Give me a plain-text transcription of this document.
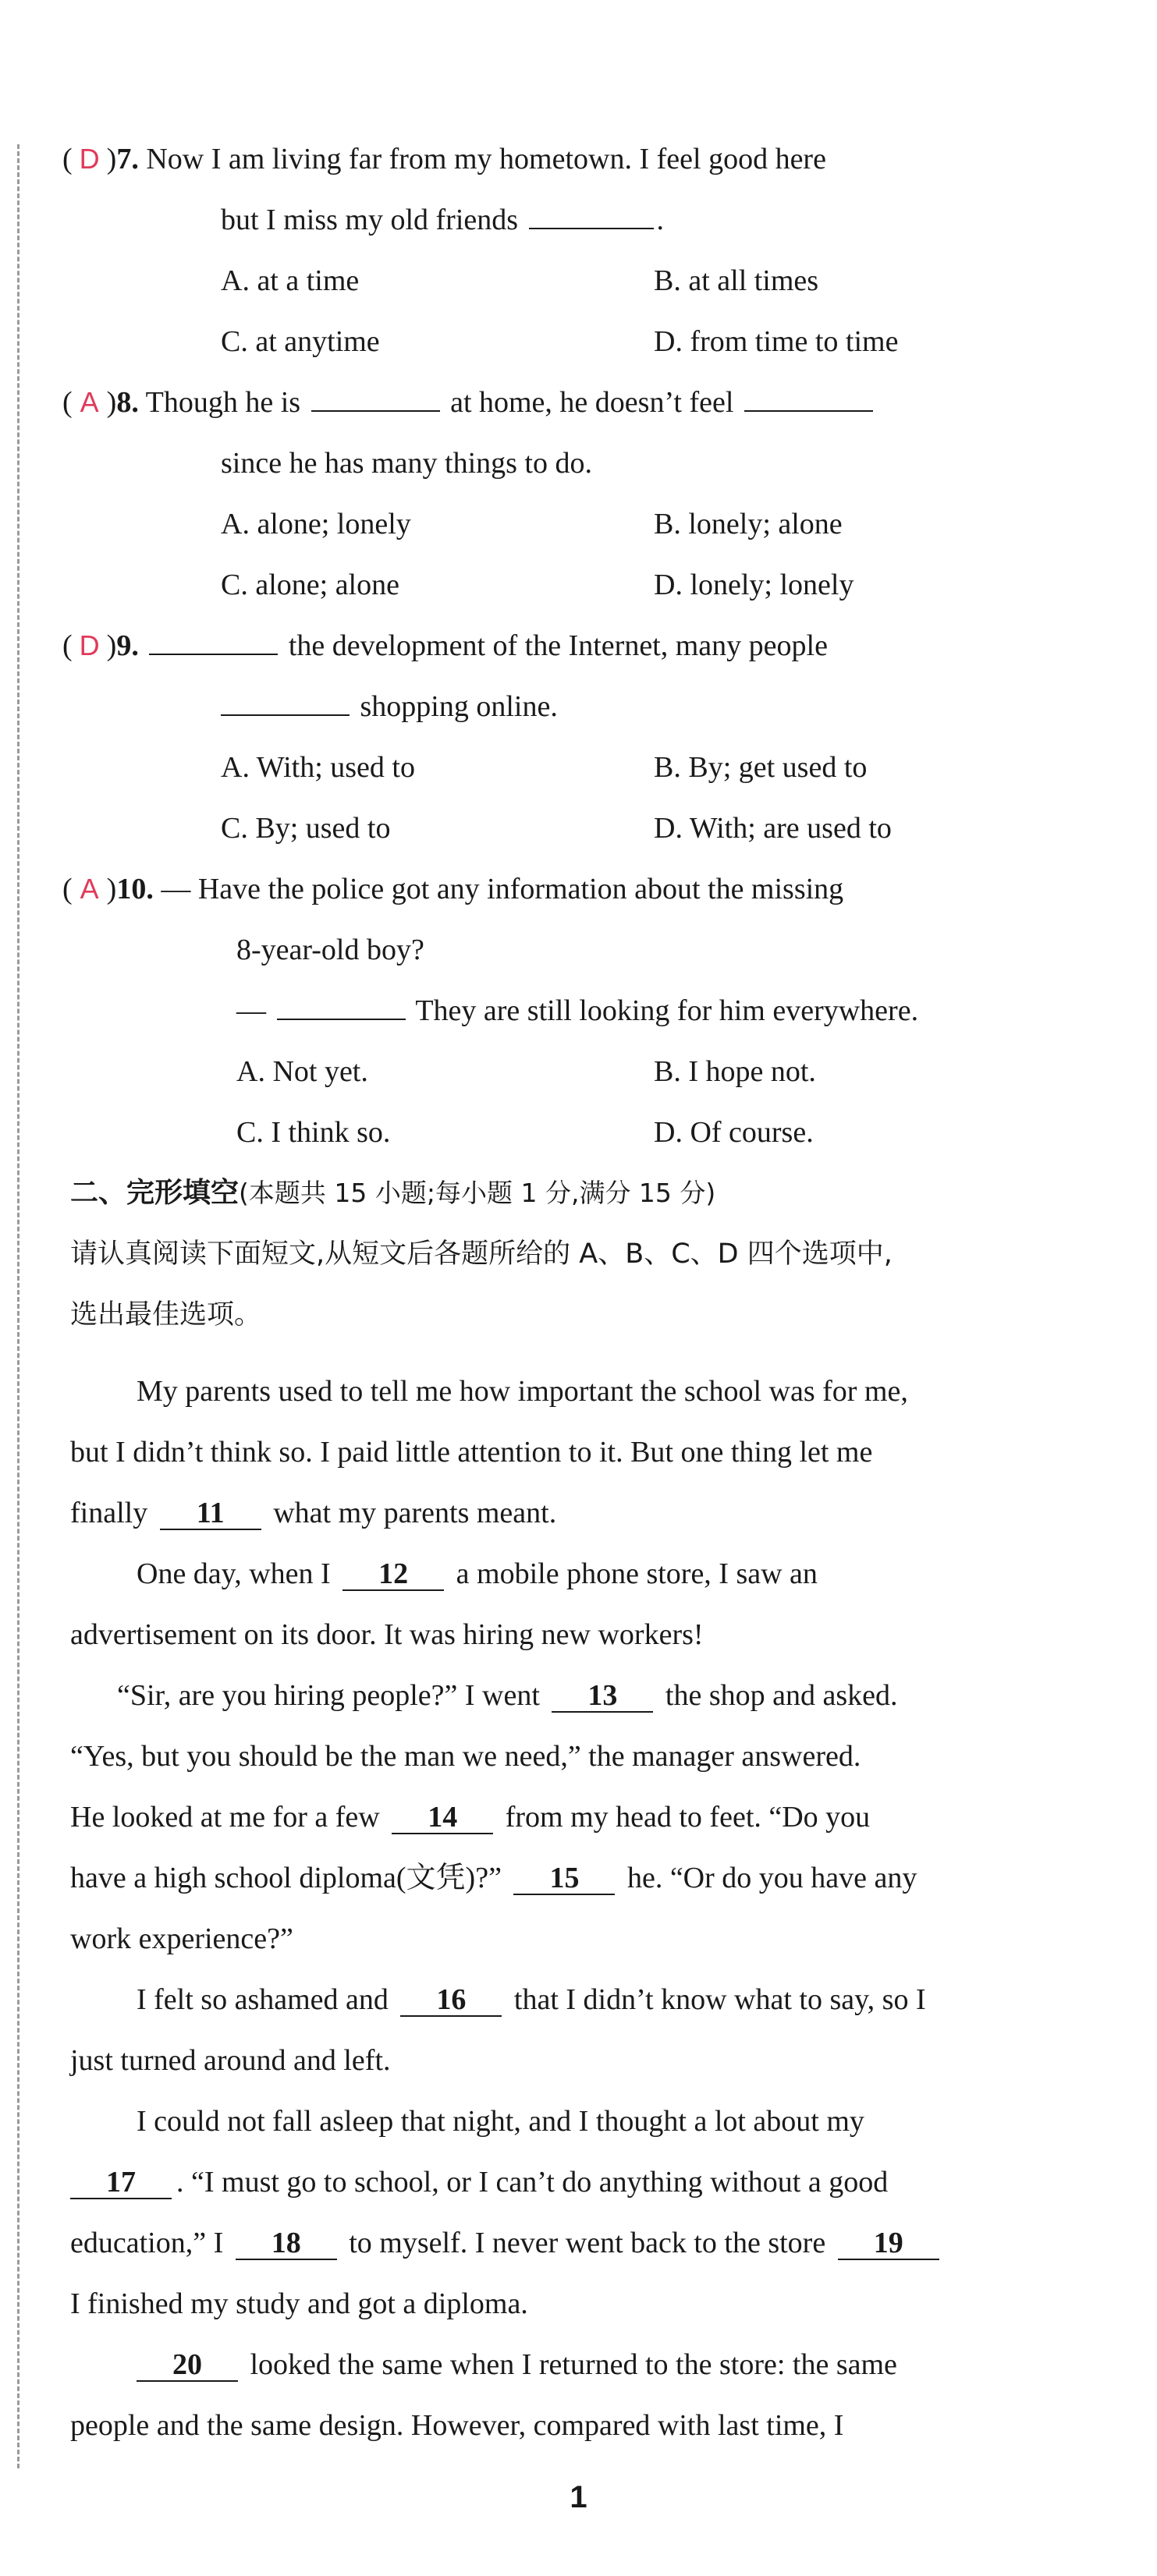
( D )7. Now I am living far from my hometown. I feel good here
but I miss my old friends	.
A. at a time	B. at all times
C. at anytime	D. from time to time
( A )8. Though he is	at home, he doesn’t feel
since he has many things to do.
A. alone; lonely	B. lonely; alone
C. alone; alone	D. lonely; lonely
( D )9.	the development of the Internet, many people
shopping online.
A. With; used to	B. By; get used to
C. By; used to	D. With; are used to
( A )10. — Have the police got any information about the missing
8-year-old boy?
—	They are still looking for him everywhere.
A. Not yet.	B. I hope not.
C. I think so.	D. Of course.
二、完形填空(本题共 15 小题;每小题 1 分,满分 15 分)
请认真阅读下面短文,从短文后各题所给的 A、B、C、D 四个选项中,
选出最佳选项。
My parents used to tell me how important the school was for me,
but I didn’t think so. I paid little attention to it. But one thing let me
finally 11 what my parents meant.
One day, when I 12 a mobile phone store, I saw an
advertisement on its door. It was hiring new workers!
“Sir, are you hiring people?” I went 13 the shop and asked.
“Yes, but you should be the man we need,” the manager answered.
He looked at me for a few 14 from my head to feet. “Do you
have a high school diploma(文凭)?” 15 he. “Or do you have any
work experience?”
I felt so ashamed and 16 that I didn’t know what to say, so I
just turned around and left.
I could not fall asleep that night, and I thought a lot about my
17 . “I must go to school, or I can’t do anything without a good
education,” I 18 to myself. I never went back to the store 19
I finished my study and got a diploma.
20 looked the same when I returned to the store: the same
people and the same design. However, compared with last time, I
1
